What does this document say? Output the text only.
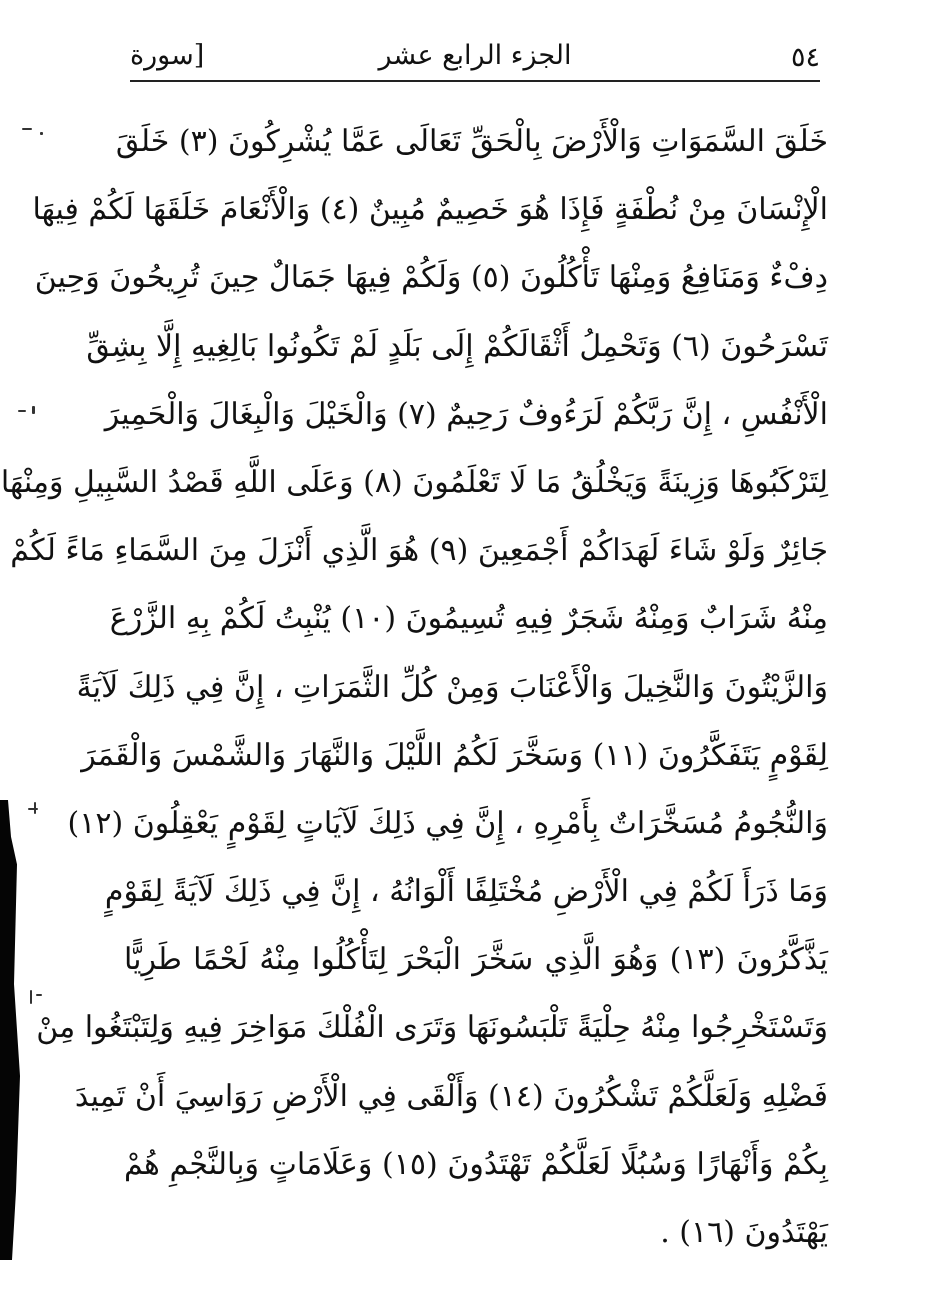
٥٤
الجزء الرابع عشر
[سورة
خَلَقَ السَّمَوَاتِ وَالْأَرْضَ بِالْحَقِّ تَعَالَى عَمَّا يُشْرِكُونَ (٣) خَلَقَ
الْإِنْسَانَ مِنْ نُطْفَةٍ فَإِذَا هُوَ خَصِيمٌ مُبِينٌ (٤) وَالْأَنْعَامَ خَلَقَهَا لَكُمْ فِيهَا
دِفْءٌ وَمَنَافِعُ وَمِنْهَا تَأْكُلُونَ (٥) وَلَكُمْ فِيهَا جَمَالٌ حِينَ تُرِيحُونَ وَحِينَ
تَسْرَحُونَ (٦) وَتَحْمِلُ أَثْقَالَكُمْ إِلَى بَلَدٍ لَمْ تَكُونُوا بَالِغِيهِ إِلَّا بِشِقِّ
الْأَنْفُسِ ، إِنَّ رَبَّكُمْ لَرَءُوفٌ رَحِيمٌ (٧) وَالْخَيْلَ وَالْبِغَالَ وَالْحَمِيرَ
لِتَرْكَبُوهَا وَزِينَةً وَيَخْلُقُ مَا لَا تَعْلَمُونَ (٨) وَعَلَى اللَّهِ قَصْدُ السَّبِيلِ وَمِنْهَا
جَائِرٌ وَلَوْ شَاءَ لَهَدَاكُمْ أَجْمَعِينَ (٩) هُوَ الَّذِي أَنْزَلَ مِنَ السَّمَاءِ مَاءً لَكُمْ
مِنْهُ شَرَابٌ وَمِنْهُ شَجَرٌ فِيهِ تُسِيمُونَ (١٠) يُنْبِتُ لَكُمْ بِهِ الزَّرْعَ
وَالزَّيْتُونَ وَالنَّخِيلَ وَالْأَعْنَابَ وَمِنْ كُلِّ الثَّمَرَاتِ ، إِنَّ فِي ذَلِكَ لَآيَةً
لِقَوْمٍ يَتَفَكَّرُونَ (١١) وَسَخَّرَ لَكُمُ اللَّيْلَ وَالنَّهَارَ وَالشَّمْسَ وَالْقَمَرَ
وَالنُّجُومُ مُسَخَّرَاتٌ بِأَمْرِهِ ، إِنَّ فِي ذَلِكَ لَآيَاتٍ لِقَوْمٍ يَعْقِلُونَ (١٢)
وَمَا ذَرَأَ لَكُمْ فِي الْأَرْضِ مُخْتَلِفًا أَلْوَانُهُ ، إِنَّ فِي ذَلِكَ لَآيَةً لِقَوْمٍ
يَذَّكَّرُونَ (١٣) وَهُوَ الَّذِي سَخَّرَ الْبَحْرَ لِتَأْكُلُوا مِنْهُ لَحْمًا طَرِيًّا
وَتَسْتَخْرِجُوا مِنْهُ حِلْيَةً تَلْبَسُونَهَا وَتَرَى الْفُلْكَ مَوَاخِرَ فِيهِ وَلِتَبْتَغُوا مِنْ
فَضْلِهِ وَلَعَلَّكُمْ تَشْكُرُونَ (١٤) وَأَلْقَى فِي الْأَرْضِ رَوَاسِيَ أَنْ تَمِيدَ
بِكُمْ وَأَنْهَارًا وَسُبُلًا لَعَلَّكُمْ تَهْتَدُونَ (١٥) وَعَلَامَاتٍ وَبِالنَّجْمِ هُمْ
يَهْتَدُونَ (١٦) .
